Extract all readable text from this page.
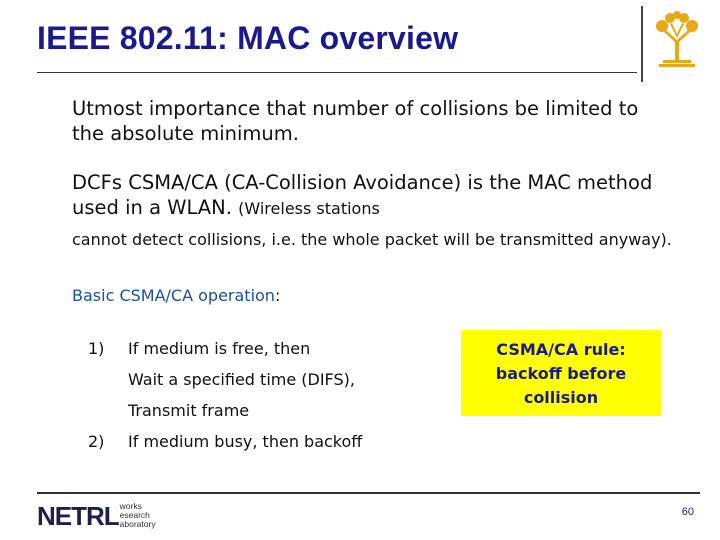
IEEE 802.11: MAC overview
Utmost importance that number of collisions be limited to the absolute minimum.
DCFs CSMA/CA (CA-Collision Avoidance) is the MAC method used in a WLAN. (Wireless stations
cannot detect collisions, i.e. the whole packet will be transmitted anyway).
Basic CSMA/CA operation:
1) If medium is free, then
Wait a specified time (DIFS),
Transmit frame
2) If medium busy, then backoff
CSMA/CA rule:
backoff before
collision
NETRL works
esearch
aboratory
60
